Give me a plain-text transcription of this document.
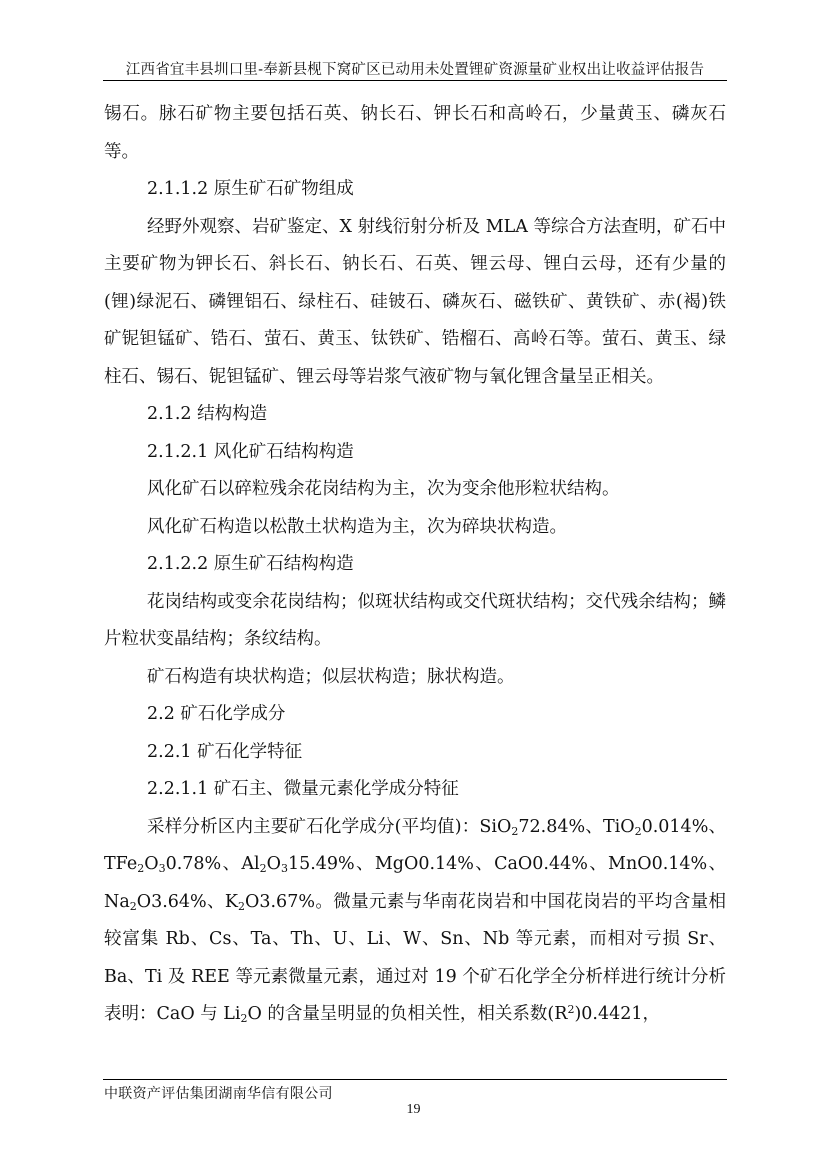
江西省宜丰县圳口里-奉新县枧下窝矿区已动用未处置锂矿资源量矿业权出让收益评估报告

锡石。脉石矿物主要包括石英、钠长石、钾长石和高岭石，少量黄玉、磷灰石等。

2.1.1.2 原生矿石矿物组成

经野外观察、岩矿鉴定、X 射线衍射分析及 MLA 等综合方法查明，矿石中主要矿物为钾长石、斜长石、钠长石、石英、锂云母、锂白云母，还有少量的(锂)绿泥石、磷锂铝石、绿柱石、硅铍石、磷灰石、磁铁矿、黄铁矿、赤(褐)铁矿铌钽锰矿、锆石、萤石、黄玉、钛铁矿、锆榴石、高岭石等。萤石、黄玉、绿柱石、锡石、铌钽锰矿、锂云母等岩浆气液矿物与氧化锂含量呈正相关。

2.1.2 结构构造

2.1.2.1 风化矿石结构构造

风化矿石以碎粒残余花岗结构为主，次为变余他形粒状结构。

风化矿石构造以松散土状构造为主，次为碎块状构造。

2.1.2.2 原生矿石结构构造

花岗结构或变余花岗结构；似斑状结构或交代斑状结构；交代残余结构；鳞片粒状变晶结构；条纹结构。

矿石构造有块状构造；似层状构造；脉状构造。

2.2 矿石化学成分

2.2.1 矿石化学特征

2.2.1.1 矿石主、微量元素化学成分特征

采样分析区内主要矿石化学成分(平均值)：SiO$_2$72.84%、TiO$_2$0.014%、$TFe_2O_30.78\%$、$Al_2O_315.49\%$、MgO0.14%、CaO0.44%、MnO0.14%、$Na_2O3.64\%$、$K_2O3.67\%$。微量元素与华南花岗岩和中国花岗岩的平均含量相较富集 Rb、Cs、Ta、Th、U、Li、W、Sn、Nb 等元素，而相对亏损 Sr、Ba、Ti 及 REE 等元素微量元素，通过对 19 个矿石化学全分析样进行统计分析表明：CaO 与 $Li_2O$ 的含量呈明显的负相关性，相关系数$(R^2)0.4421$，

中联资产评估集团湖南华信有限公司
19
